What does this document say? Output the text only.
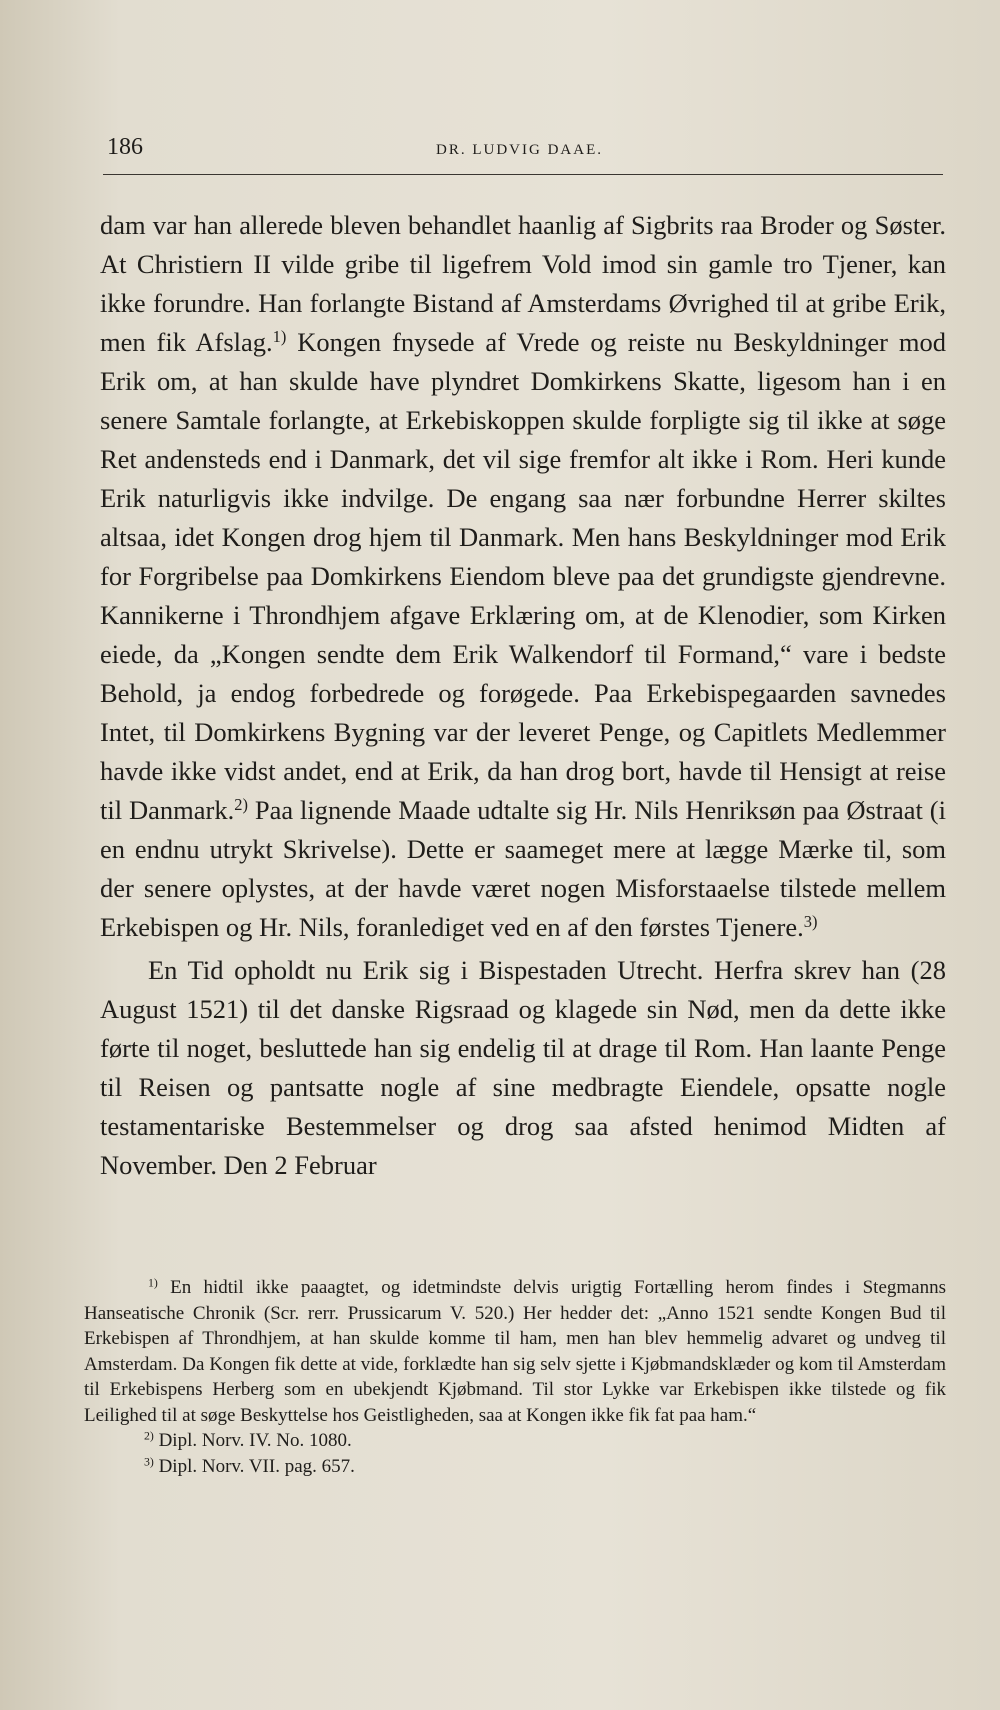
186	DR. LUDVIG DAAE.

dam var han allerede bleven behandlet haanlig af Sigbrits raa Broder og Søster. At Christiern II vilde gribe til ligefrem Vold imod sin gamle tro Tjener, kan ikke forundre. Han forlangte Bistand af Amsterdams Øvrighed til at gribe Erik, men fik Afslag.$^{1)}$ Kongen fnysede af Vrede og reiste nu Beskyldninger mod Erik om, at han skulde have plyndret Domkirkens Skatte, ligesom han i en senere Samtale forlangte, at Erkebiskoppen skulde forpligte sig til ikke at søge Ret andensteds end i Danmark, det vil sige fremfor alt ikke i Rom. Heri kunde Erik naturligvis ikke indvilge. De engang saa nær forbundne Herrer skiltes altsaa, idet Kongen drog hjem til Danmark. Men hans Beskyldninger mod Erik for Forgribelse paa Domkirkens Eiendom bleve paa det grundigste gjendrevne. Kannikerne i Throndhjem afgave Erklæring om, at de Klenodier, som Kirken eiede, da „Kongen sendte dem Erik Walkendorf til Formand,“ vare i bedste Behold, ja endog forbedrede og forøgede. Paa Erkebispegaarden savnedes Intet, til Domkirkens Bygning var der leveret Penge, og Capitlets Medlemmer havde ikke vidst andet, end at Erik, da han drog bort, havde til Hensigt at reise til Danmark.$^{2)}$ Paa lignende Maade udtalte sig Hr. Nils Henriksøn paa Østraat (i en endnu utrykt Skrivelse). Dette er saameget mere at lægge Mærke til, som der senere oplystes, at der havde været nogen Misforstaaelse tilstede mellem Erkebispen og Hr. Nils, foranlediget ved en af den førstes Tjenere.$^{3)}$

En Tid opholdt nu Erik sig i Bispestaden Utrecht. Herfra skrev han (28 August 1521) til det danske Rigsraad og klagede sin Nød, men da dette ikke førte til noget, besluttede han sig endelig til at drage til Rom. Han laante Penge til Reisen og pantsatte nogle af sine medbragte Eiendele, opsatte nogle testamentariske Bestemmelser og drog saa afsted henimod Midten af November. Den 2 Februar

$^{1)}$ En hidtil ikke paaagtet, og idetmindste delvis urigtig Fortælling herom findes i Stegmanns Hanseatische Chronik (Scr. rerr. Prussicarum V. 520.) Her hedder det: „Anno 1521 sendte Kongen Bud til Erkebispen af Throndhjem, at han skulde komme til ham, men han blev hemmelig advaret og undveg til Amsterdam. Da Kongen fik dette at vide, forklædte han sig selv sjette i Kjøbmandsklæder og kom til Amsterdam til Erkebispens Herberg som en ubekjendt Kjøbmand. Til stor Lykke var Erkebispen ikke tilstede og fik Leilighed til at søge Beskyttelse hos Geistligheden, saa at Kongen ikke fik fat paa ham.“

$^{2)}$ Dipl. Norv. IV. No. 1080.

$^{3)}$ Dipl. Norv. VII. pag. 657.
